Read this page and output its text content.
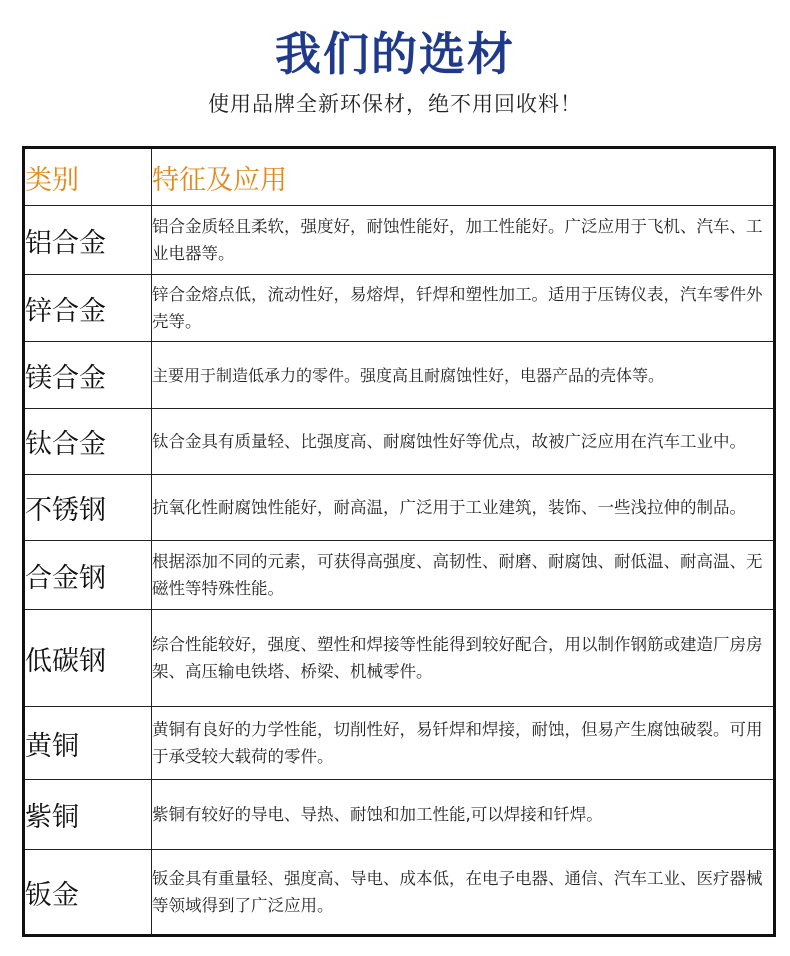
我们的选材
使用品牌全新环保材，绝不用回收料！
类别	特征及应用
铝合金	铝合金质轻且柔软，强度好，耐蚀性能好，加工性能好。广泛应用于飞机、汽车、工业电器等。
锌合金	锌合金熔点低，流动性好，易熔焊，钎焊和塑性加工。适用于压铸仪表，汽车零件外壳等。
镁合金	主要用于制造低承力的零件。强度高且耐腐蚀性好，电器产品的壳体等。
钛合金	钛合金具有质量轻、比强度高、耐腐蚀性好等优点，故被广泛应用在汽车工业中。
不锈钢	抗氧化性耐腐蚀性能好，耐高温，广泛用于工业建筑，装饰、一些浅拉伸的制品。
合金钢	根据添加不同的元素，可获得高强度、高韧性、耐磨、耐腐蚀、耐低温、耐高温、无磁性等特殊性能。
低碳钢	综合性能较好，强度、塑性和焊接等性能得到较好配合，用以制作钢筋或建造厂房房架、高压输电铁塔、桥梁、机械零件。
黄铜	黄铜有良好的力学性能，切削性好，易钎焊和焊接，耐蚀，但易产生腐蚀破裂。可用于承受较大载荷的零件。
紫铜	紫铜有较好的导电、导热、耐蚀和加工性能,可以焊接和钎焊。
钣金	钣金具有重量轻、强度高、导电、成本低，在电子电器、通信、汽车工业、医疗器械等领域得到了广泛应用。
